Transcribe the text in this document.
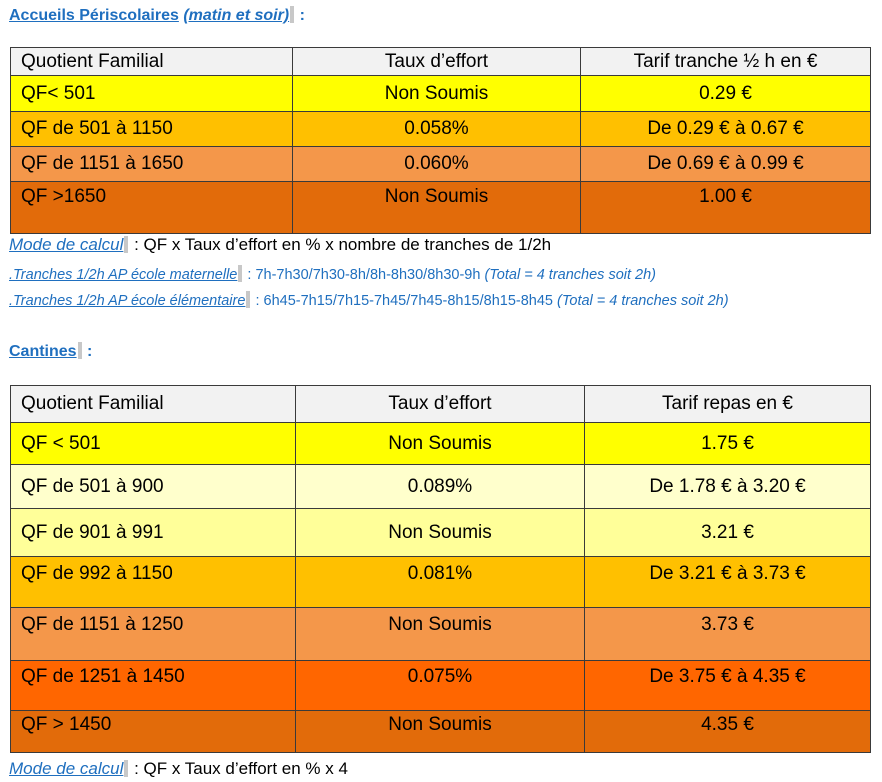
Accueils Périscolaires (matin et soir) :
Quotient Familial	Taux d’effort	Tarif tranche ½ h en €
QF< 501	Non Soumis	0.29 €
QF de 501 à 1150	0.058%	De 0.29 € à 0.67 €
QF de 1151 à 1650	0.060%	De 0.69 € à 0.99 €
QF >1650	Non Soumis	1.00 €
Mode de calcul : QF x Taux d’effort en % x nombre de tranches de 1/2h
.Tranches 1/2h AP école maternelle : 7h-7h30/7h30-8h/8h-8h30/8h30-9h (Total = 4 tranches soit 2h)
.Tranches 1/2h AP école élémentaire : 6h45-7h15/7h15-7h45/7h45-8h15/8h15-8h45 (Total = 4 tranches soit 2h)
Cantines :
Quotient Familial	Taux d’effort	Tarif repas en €
QF < 501	Non Soumis	1.75 €
QF de 501 à 900	0.089%	De 1.78 € à 3.20 €
QF de 901 à 991	Non Soumis	3.21 €
QF de 992 à 1150	0.081%	De 3.21 € à 3.73 €
QF de 1151 à 1250	Non Soumis	3.73 €
QF de 1251 à 1450	0.075%	De 3.75 € à 4.35 €
QF > 1450	Non Soumis	4.35 €
Mode de calcul : QF x Taux d’effort en % x 4
